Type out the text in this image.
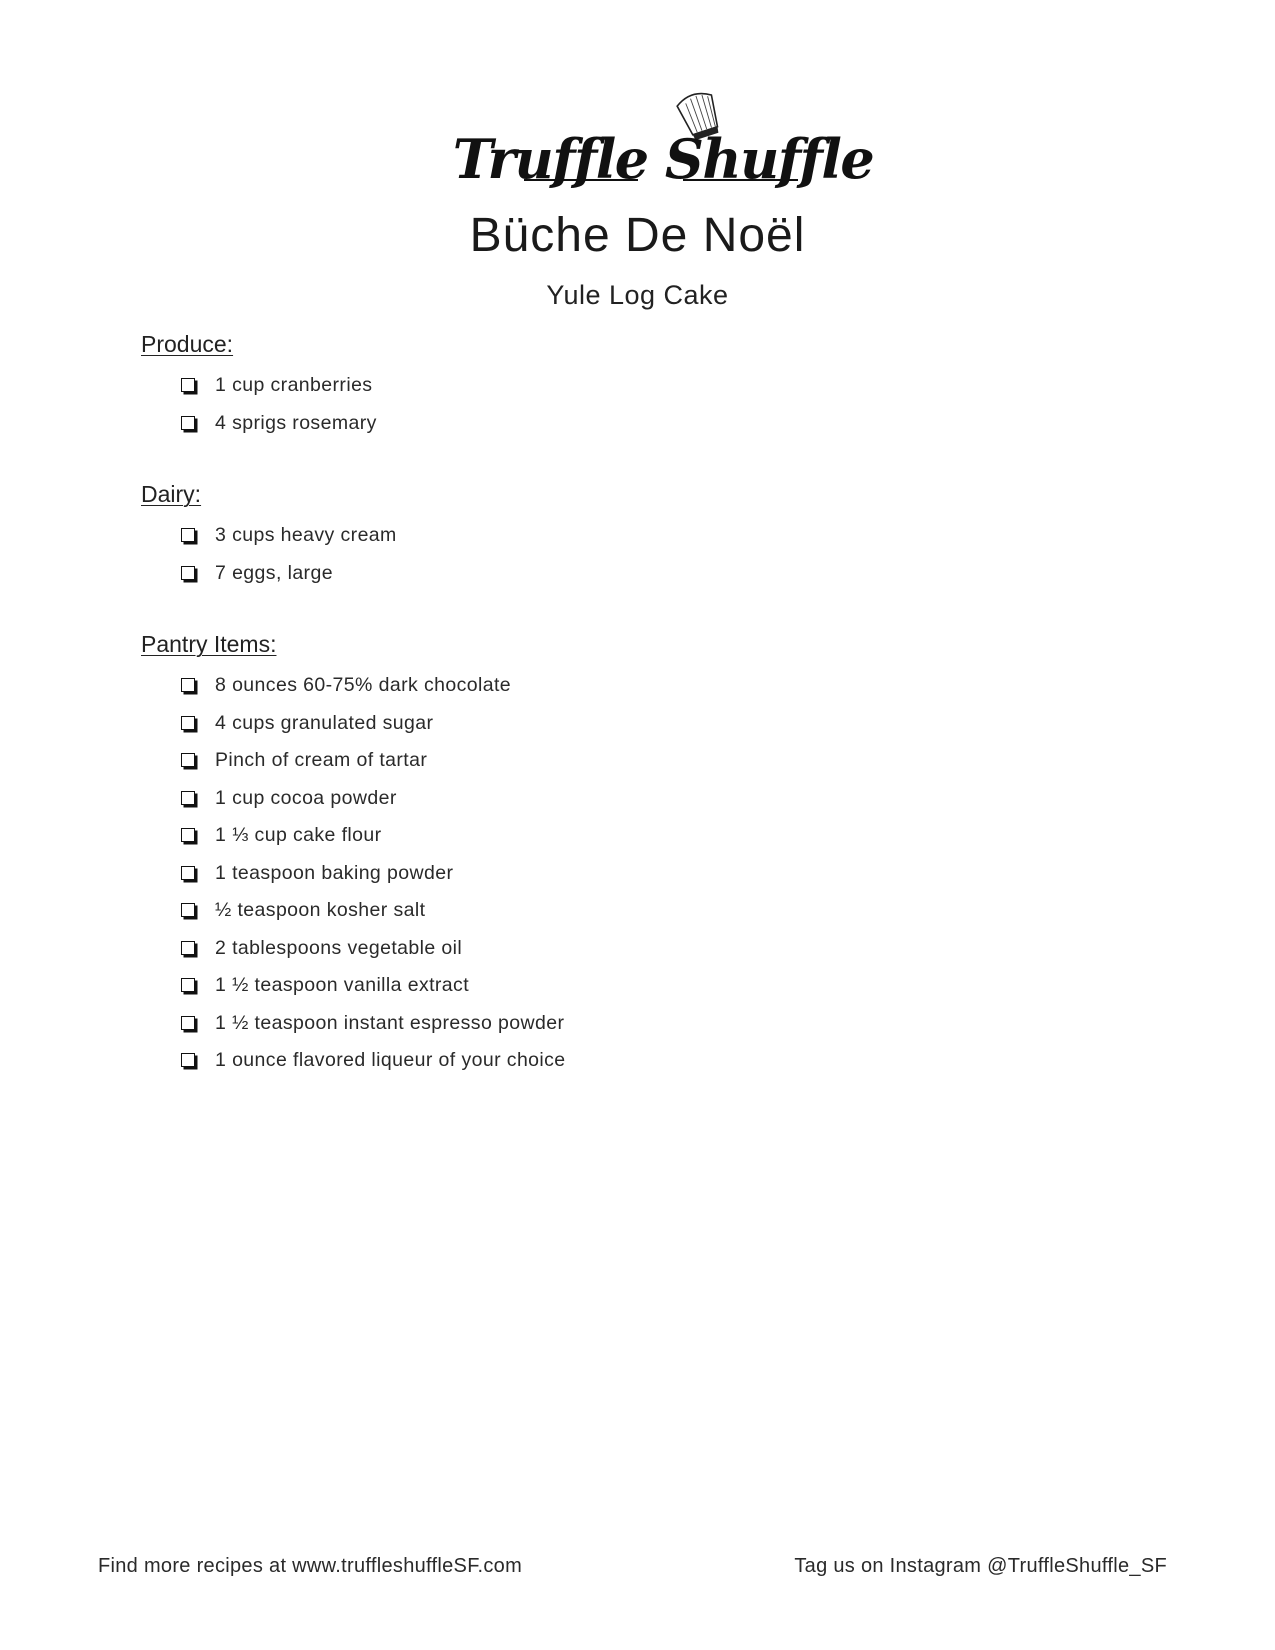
Truffle Shuffle
Büche De Noël
Yule Log Cake
Produce:
1 cup cranberries
4 sprigs rosemary
Dairy:
3 cups heavy cream
7 eggs, large
Pantry Items:
8 ounces 60-75% dark chocolate
4 cups granulated sugar
Pinch of cream of tartar
1 cup cocoa powder
1 ⅓ cup cake flour
1 teaspoon baking powder
½ teaspoon kosher salt
2 tablespoons vegetable oil
1 ½ teaspoon vanilla extract
1 ½ teaspoon instant espresso powder
1 ounce flavored liqueur of your choice
Find more recipes at www.truffleshuffleSF.com	Tag us on Instagram @TruffleShuffle_SF
